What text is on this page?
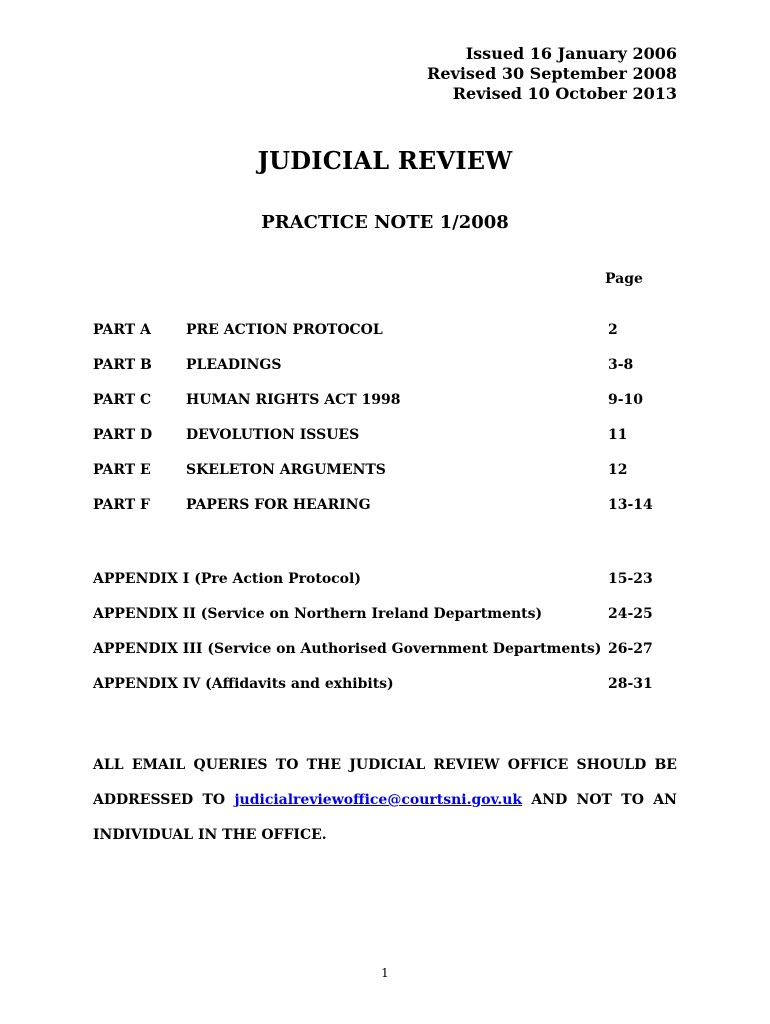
Issued 16 January 2006
Revised 30 September 2008
Revised 10 October 2013
JUDICIAL REVIEW
PRACTICE NOTE 1/2008
Page
PART A	PRE ACTION PROTOCOL	2
PART B PLEADINGS	3-8
PART C HUMAN RIGHTS ACT 1998	9-10
PART D DEVOLUTION ISSUES	11
PART E	SKELETON ARGUMENTS	12
PART F	PAPERS FOR HEARING	13-14
APPENDIX I (Pre Action Protocol)	15-23
APPENDIX II (Service on Northern Ireland Departments)	24-25
APPENDIX III (Service on Authorised Government Departments) 26-27
APPENDIX IV (Affidavits and exhibits)	28-31
ALL EMAIL QUERIES TO THE JUDICIAL REVIEW OFFICE SHOULD BE
ADDRESSED TO judicialreviewoffice@courtsni.gov.uk AND NOT TO AN
INDIVIDUAL IN THE OFFICE.
1
